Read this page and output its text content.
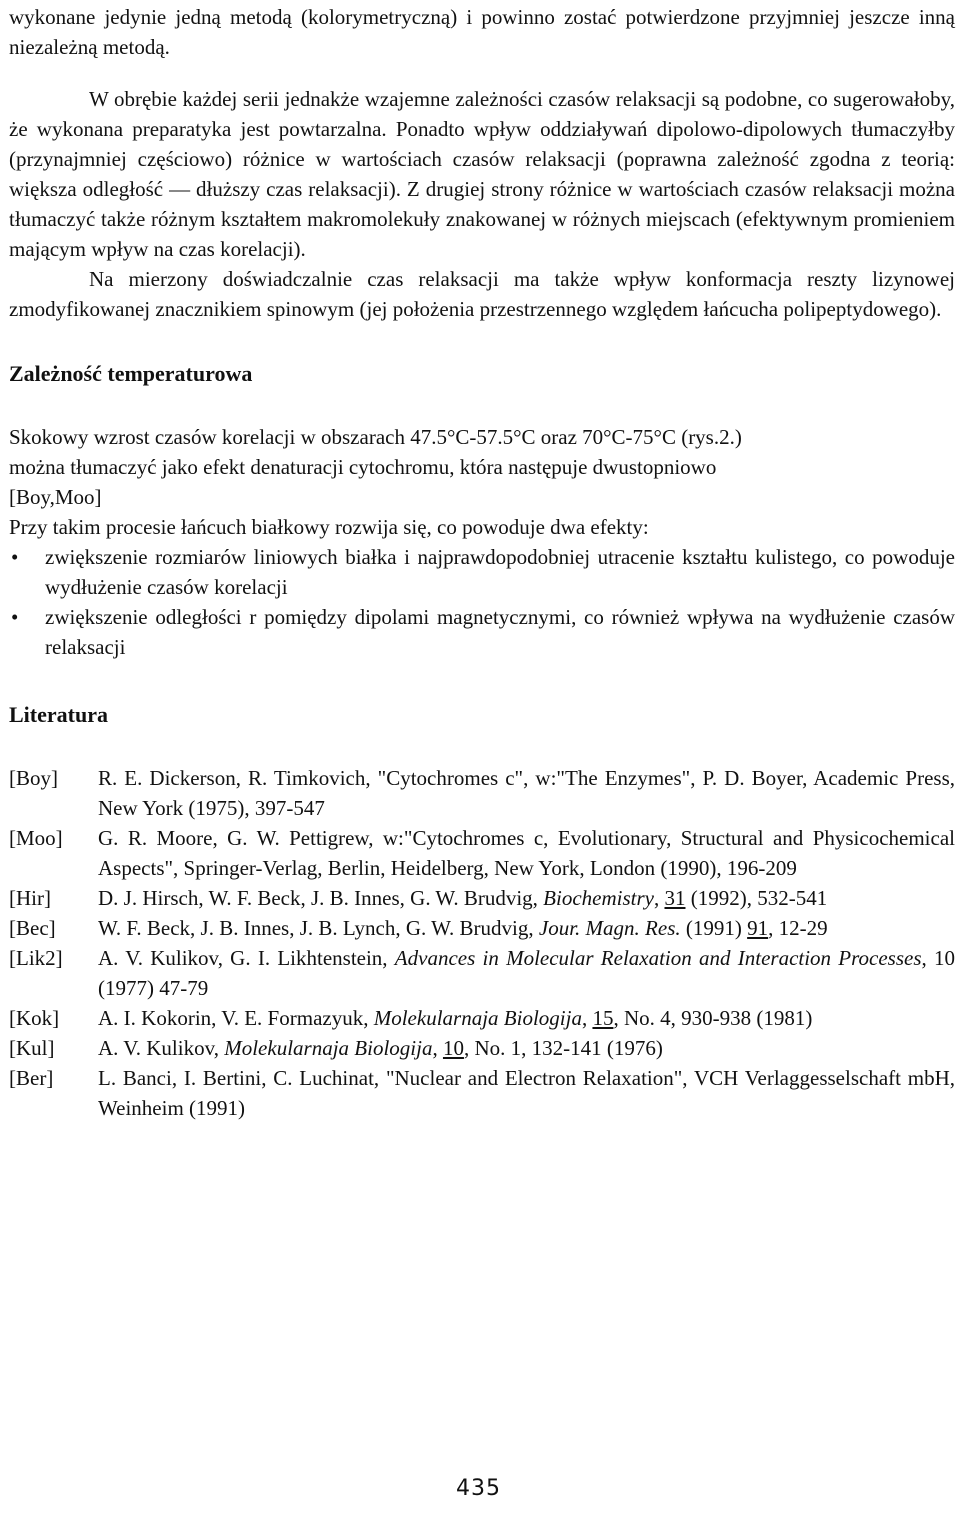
wykonane jedynie jedną metodą (kolorymetryczną) i powinno zostać potwierdzone przyjmniej jeszcze inną niezależną metodą.

W obrębie każdej serii jednakże wzajemne zależności czasów relaksacji są podobne, co sugerowałoby, że wykonana preparatyka jest powtarzalna. Ponadto wpływ oddziaływań dipolowo-dipolowych tłumaczyłby (przynajmniej częściowo) różnice w wartościach czasów relaksacji (poprawna zależność zgodna z teorią: większa odległość — dłuższy czas relaksacji). Z drugiej strony różnice w wartościach czasów relaksacji można tłumaczyć także różnym kształtem makromolekuły znakowanej w różnych miejscach (efektywnym promieniem mającym wpływ na czas korelacji).

Na mierzony doświadczalnie czas relaksacji ma także wpływ konformacja reszty lizynowej zmodyfikowanej znacznikiem spinowym (jej położenia przestrzennego względem łańcucha polipeptydowego).

Zależność temperaturowa

Skokowy wzrost czasów korelacji w obszarach 47.5°C-57.5°C oraz 70°C-75°C (rys.2.)

można tłumaczyć jako efekt denaturacji cytochromu, która następuje dwustopniowo

[Boy,Moo]

Przy takim procesie łańcuch białkowy rozwija się, co powoduje dwa efekty:

• zwiększenie rozmiarów liniowych białka i najprawdopodobniej utracenie kształtu kulistego, co powoduje wydłużenie czasów korelacji
• zwiększenie odległości r pomiędzy dipolami magnetycznymi, co również wpływa na wydłużenie czasów relaksacji
Literatura
[Boy]	R. E. Dickerson, R. Timkovich, "Cytochromes c", w:"The Enzymes", P. D. Boyer, Academic Press, New York (1975), 397-547
[Moo]	G. R. Moore, G. W. Pettigrew, w:"Cytochromes c, Evolutionary, Structural and Physicochemical Aspects", Springer-Verlag, Berlin, Heidelberg, New York, London (1990), 196-209
[Hir]	D. J. Hirsch, W. F. Beck, J. B. Innes, G. W. Brudvig, Biochemistry, 31 (1992), 532-541
[Bec]	W. F. Beck, J. B. Innes, J. B. Lynch, G. W. Brudvig, Jour. Magn. Res. (1991) 91, 12-29
[Lik2]	A. V. Kulikov, G. I. Likhtenstein, Advances in Molecular Relaxation and Interaction Processes, 10 (1977) 47-79
[Kok]	A. I. Kokorin, V. E. Formazyuk, Molekularnaja Biologija, 15, No. 4, 930-938 (1981)
[Kul]	A. V. Kulikov, Molekularnaja Biologija, 10, No. 1, 132-141 (1976)
[Ber]	L. Banci, I. Bertini, C. Luchinat, "Nuclear and Electron Relaxation", VCH Verlaggesselschaft mbH, Weinheim (1991)
435
